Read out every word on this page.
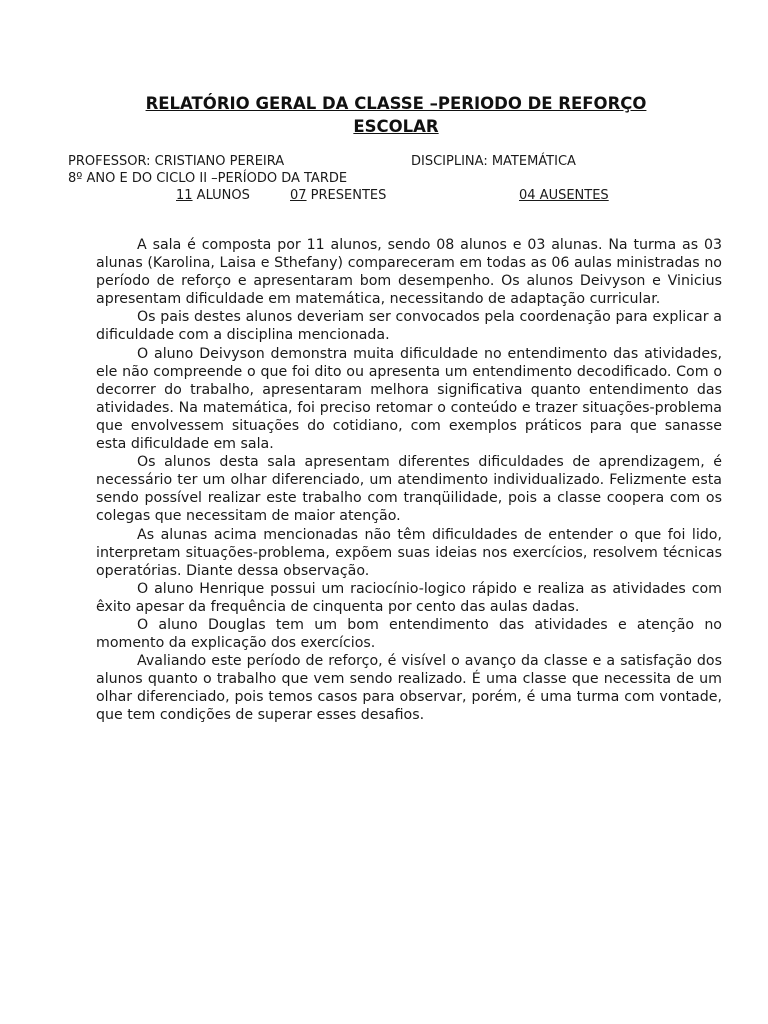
RELATÓRIO GERAL DA CLASSE –PERIODO DE REFORÇO
ESCOLAR
PROFESSOR: CRISTIANO PEREIRA	DISCIPLINA: MATEMÁTICA
8º ANO E DO CICLO II –PERÍODO DA TARDE
11 ALUNOS	07 PRESENTES	04 AUSENTES

A sala é composta por 11 alunos, sendo 08 alunos e 03 alunas. Na turma as 03 alunas (Karolina, Laisa e Sthefany) compareceram em todas as 06 aulas ministradas no período de reforço e apresentaram bom desempenho. Os alunos Deivyson e Vinicius apresentam dificuldade em matemática, necessitando de adaptação curricular.

Os pais destes alunos deveriam ser convocados pela coordenação para explicar a dificuldade com a disciplina mencionada.

O aluno Deivyson demonstra muita dificuldade no entendimento das atividades, ele não compreende o que foi dito ou apresenta um entendimento decodificado. Com o decorrer do trabalho, apresentaram melhora significativa quanto entendimento das atividades. Na matemática, foi preciso retomar o conteúdo e trazer situações-problema que envolvessem situações do cotidiano, com exemplos práticos para que sanasse esta dificuldade em sala.

Os alunos desta sala apresentam diferentes dificuldades de aprendizagem, é necessário ter um olhar diferenciado, um atendimento individualizado. Felizmente esta sendo possível realizar este trabalho com tranqüilidade, pois a classe coopera com os colegas que necessitam de maior atenção.

As alunas acima mencionadas não têm dificuldades de entender o que foi lido, interpretam situações-problema, expõem suas ideias nos exercícios, resolvem técnicas operatórias. Diante dessa observação.

O aluno Henrique possui um raciocínio-logico rápido e realiza as atividades com êxito apesar da frequência de cinquenta por cento das aulas dadas.

O aluno Douglas tem um bom entendimento das atividades e atenção no momento da explicação dos exercícios.

Avaliando este período de reforço, é visível o avanço da classe e a satisfação dos alunos quanto o trabalho que vem sendo realizado. É uma classe que necessita de um olhar diferenciado, pois temos casos para observar, porém, é uma turma com vontade, que tem condições de superar esses desafios.
